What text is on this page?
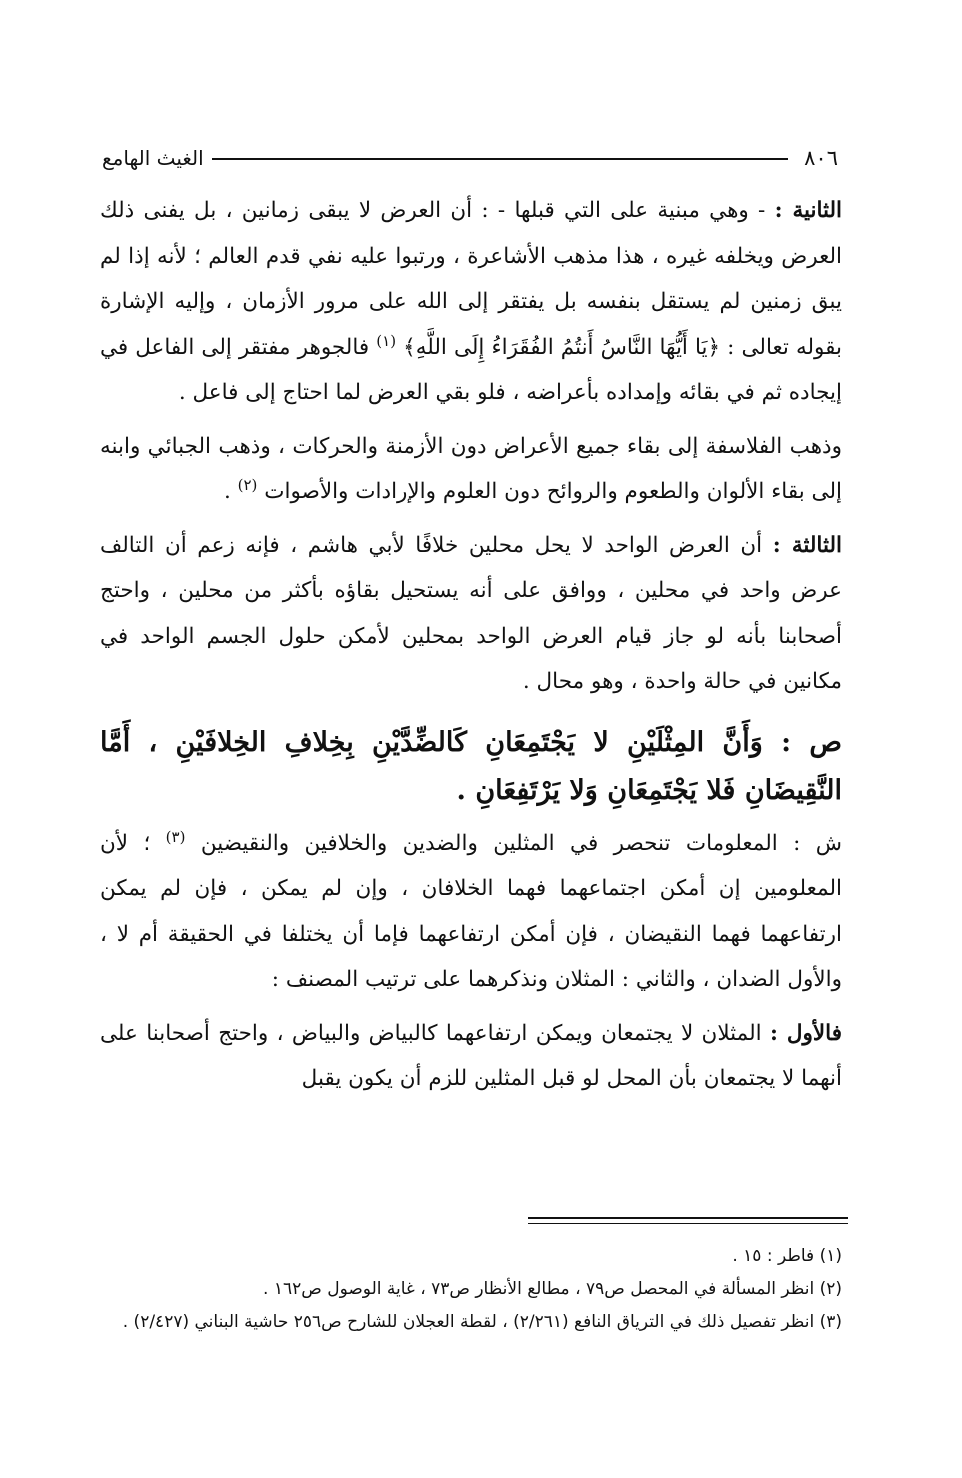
٨٠٦
الغيث الهامع

الثانية : - وهي مبنية على التي قبلها - : أن العرض لا يبقى زمانين ، بل يفنى ذلك العرض ويخلفه غيره ، هذا مذهب الأشاعرة ، ورتبوا عليه نفي قدم العالم ؛ لأنه إذا لم يبق زمنين لم يستقل بنفسه بل يفتقر إلى الله على مرور الأزمان ، وإليه الإشارة بقوله تعالى : ﴿يَا أَيُّهَا النَّاسُ أَنتُمُ الفُقَرَاءُ إِلَى اللَّهِ﴾ $^{(١)}$ فالجوهر مفتقر إلى الفاعل في إيجاده ثم في بقائه وإمداده بأعراضه ، فلو بقي العرض لما احتاج إلى فاعل .

وذهب الفلاسفة إلى بقاء جميع الأعراض دون الأزمنة والحركات ، وذهب الجبائي وابنه إلى بقاء الألوان والطعوم والروائح دون العلوم والإرادات والأصوات $^{(٢)}$ .

الثالثة : أن العرض الواحد لا يحل محلين خلافًا لأبي هاشم ، فإنه زعم أن التالف عرض واحد في محلين ، ووافق على أنه يستحيل بقاؤه بأكثر من محلين ، واحتج أصحابنا بأنه لو جاز قيام العرض الواحد بمحلين لأمكن حلول الجسم الواحد في مكانين في حالة واحدة ، وهو محال .

ص : وَأَنَّ المِثْلَيْنِ لا يَجْتَمِعَانِ كَالضِّدَّيْنِ بِخِلافِ الخِلافَيْنِ ، أَمَّا النَّقِيضَانِ فَلا يَجْتَمِعَانِ وَلا يَرْتَفِعَانِ .

ش : المعلومات تنحصر في المثلين والضدين والخلافين والنقيضين $^{(٣)}$ ؛ لأن المعلومين إن أمكن اجتماعهما فهما الخلافان ، وإن لم يمكن ، فإن لم يمكن ارتفاعهما فهما النقيضان ، فإن أمكن ارتفاعهما فإما أن يختلفا في الحقيقة أم لا ، والأول الضدان ، والثاني : المثلان ونذكرهما على ترتيب المصنف :

فالأول : المثلان لا يجتمعان ويمكن ارتفاعهما كالبياض والبياض ، واحتج أصحابنا على أنهما لا يجتمعان بأن المحل لو قبل المثلين للزم أن يكون يقبل

(١) فاطر : ١٥ .

(٢) انظر المسألة في المحصل ص٧٩ ، مطالع الأنظار ص٧٣ ، غاية الوصول ص١٦٢ .

(٣) انظر تفصيل ذلك في الترياق النافع (٢/٢٦١) ، لقطة العجلان للشارح ص٢٥٦ حاشية البناني (٢/٤٢٧) .
